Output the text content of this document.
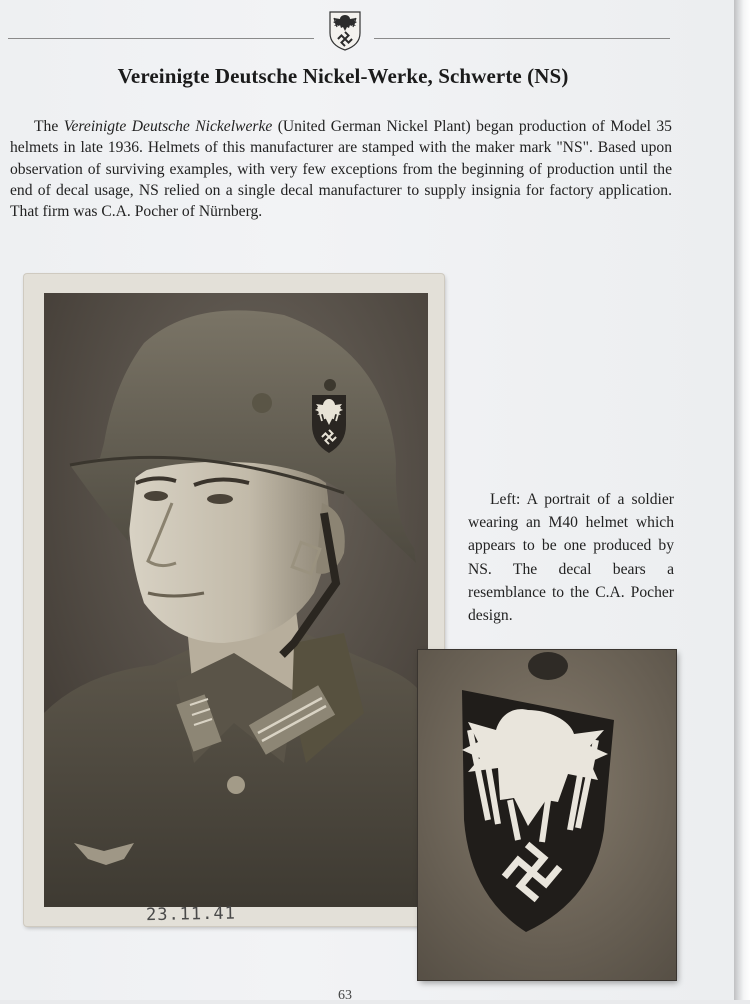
Vereinigte Deutsche Nickel-Werke, Schwerte (NS)
The Vereinigte Deutsche Nickelwerke (United German Nickel Plant) began production of Model 35 helmets in late 1936. Helmets of this manufacturer are stamped with the maker mark "NS". Based upon observation of surviving examples, with very few exceptions from the beginning of production until the end of decal usage, NS relied on a single decal manufacturer to supply insignia for factory application. That firm was C.A. Pocher of Nürnberg.
23.11.41
Left: A portrait of a soldier wearing an M40 helmet which appears to be one produced by NS. The decal bears a resemblance to the C.A. Pocher design.
63
